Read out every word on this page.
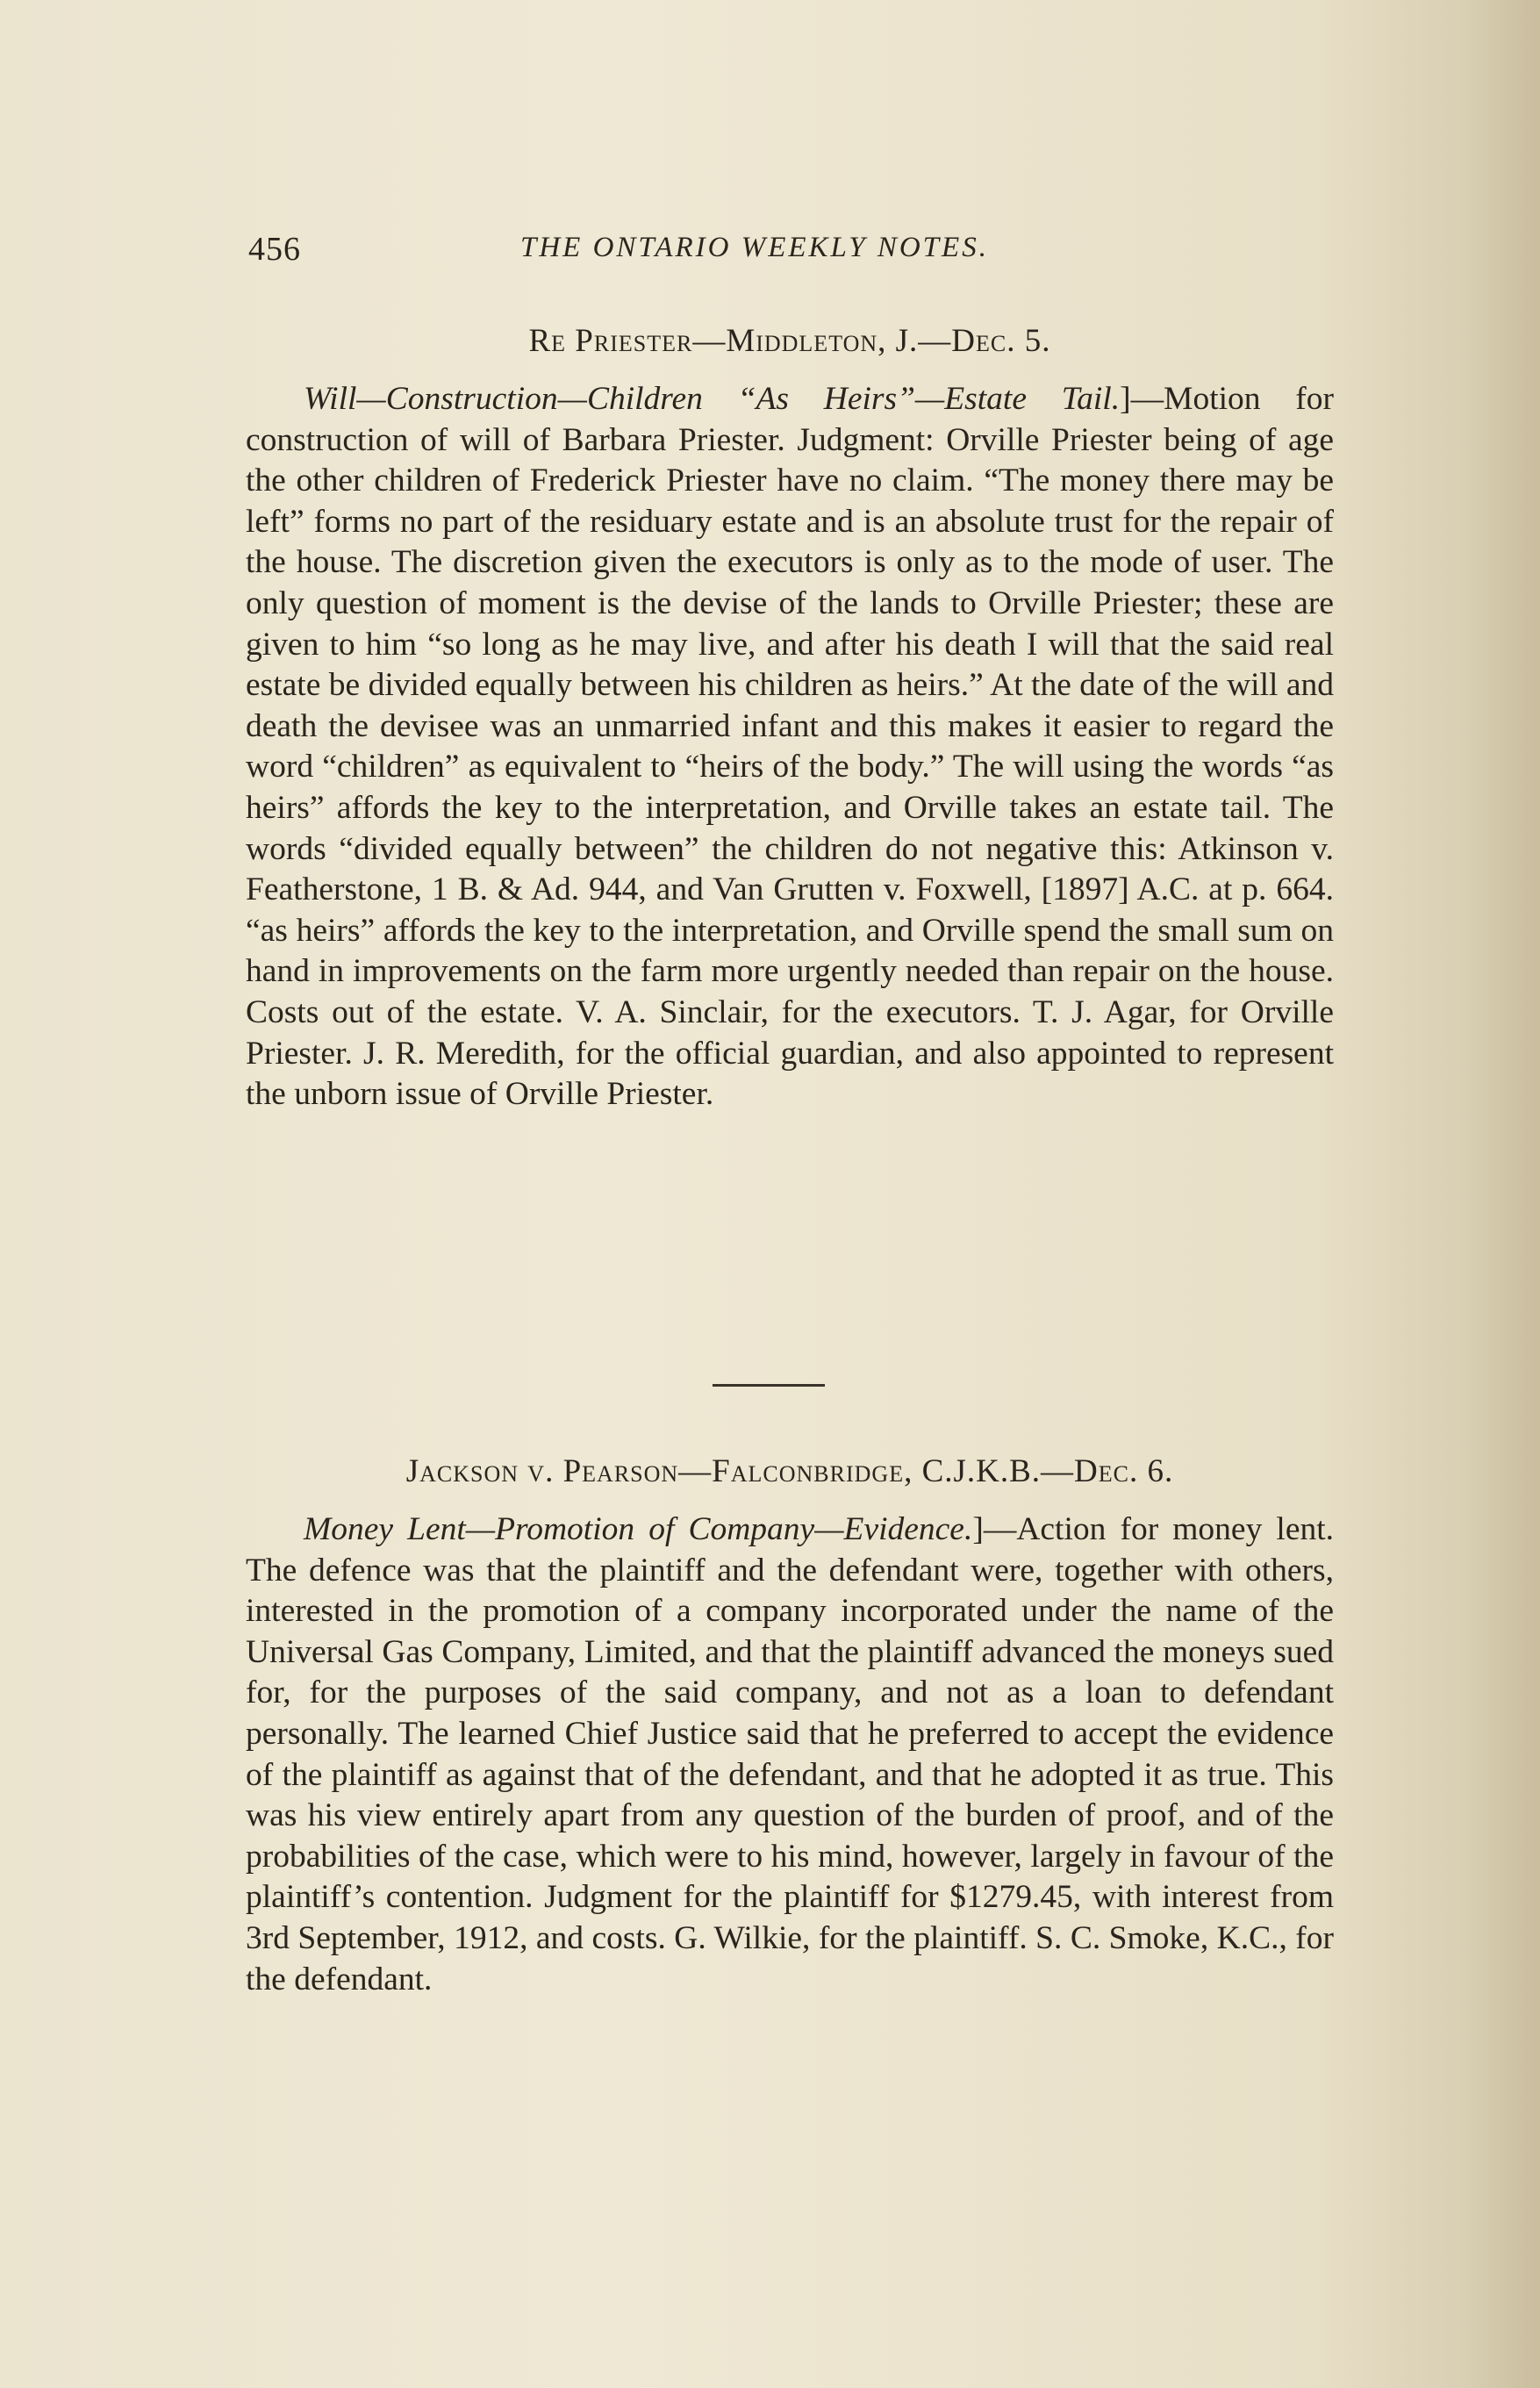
456	THE ONTARIO WEEKLY NOTES.
Re Priester—Middleton, J.—Dec. 5.

Will—Construction—Children “As Heirs”—Estate Tail.]—Motion for construction of will of Barbara Priester. Judgment: Orville Priester being of age the other children of Frederick Priester have no claim. “The money there may be left” forms no part of the residuary estate and is an absolute trust for the repair of the house. The discretion given the executors is only as to the mode of user. The only question of moment is the devise of the lands to Orville Priester; these are given to him “so long as he may live, and after his death I will that the said real estate be divided equally between his children as heirs.” At the date of the will and death the devisee was an unmarried infant and this makes it easier to regard the word “children” as equivalent to “heirs of the body.” The will using the words “as heirs” affords the key to the interpretation, and Orville takes an estate tail. The words “divided equally between” the children do not negative this: Atkinson v. Featherstone, 1 B. & Ad. 944, and Van Grutten v. Foxwell, [1897] A.C. at p. 664. “as heirs” affords the key to the interpretation, and Orville spend the small sum on hand in improvements on the farm more urgently needed than repair on the house. Costs out of the estate. V. A. Sinclair, for the executors. T. J. Agar, for Orville Priester. J. R. Meredith, for the official guardian, and also appointed to represent the unborn issue of Orville Priester.

Jackson v. Pearson—Falconbridge, C.J.K.B.—Dec. 6.

Money Lent—Promotion of Company—Evidence.]—Action for money lent. The defence was that the plaintiff and the defendant were, together with others, interested in the promotion of a company incorporated under the name of the Universal Gas Company, Limited, and that the plaintiff advanced the moneys sued for, for the purposes of the said company, and not as a loan to defendant personally. The learned Chief Justice said that he preferred to accept the evidence of the plaintiff as against that of the defendant, and that he adopted it as true. This was his view entirely apart from any question of the burden of proof, and of the probabilities of the case, which were to his mind, however, largely in favour of the plaintiff’s contention. Judgment for the plaintiff for $1279.45, with interest from 3rd September, 1912, and costs. G. Wilkie, for the plaintiff. S. C. Smoke, K.C., for the defendant.
